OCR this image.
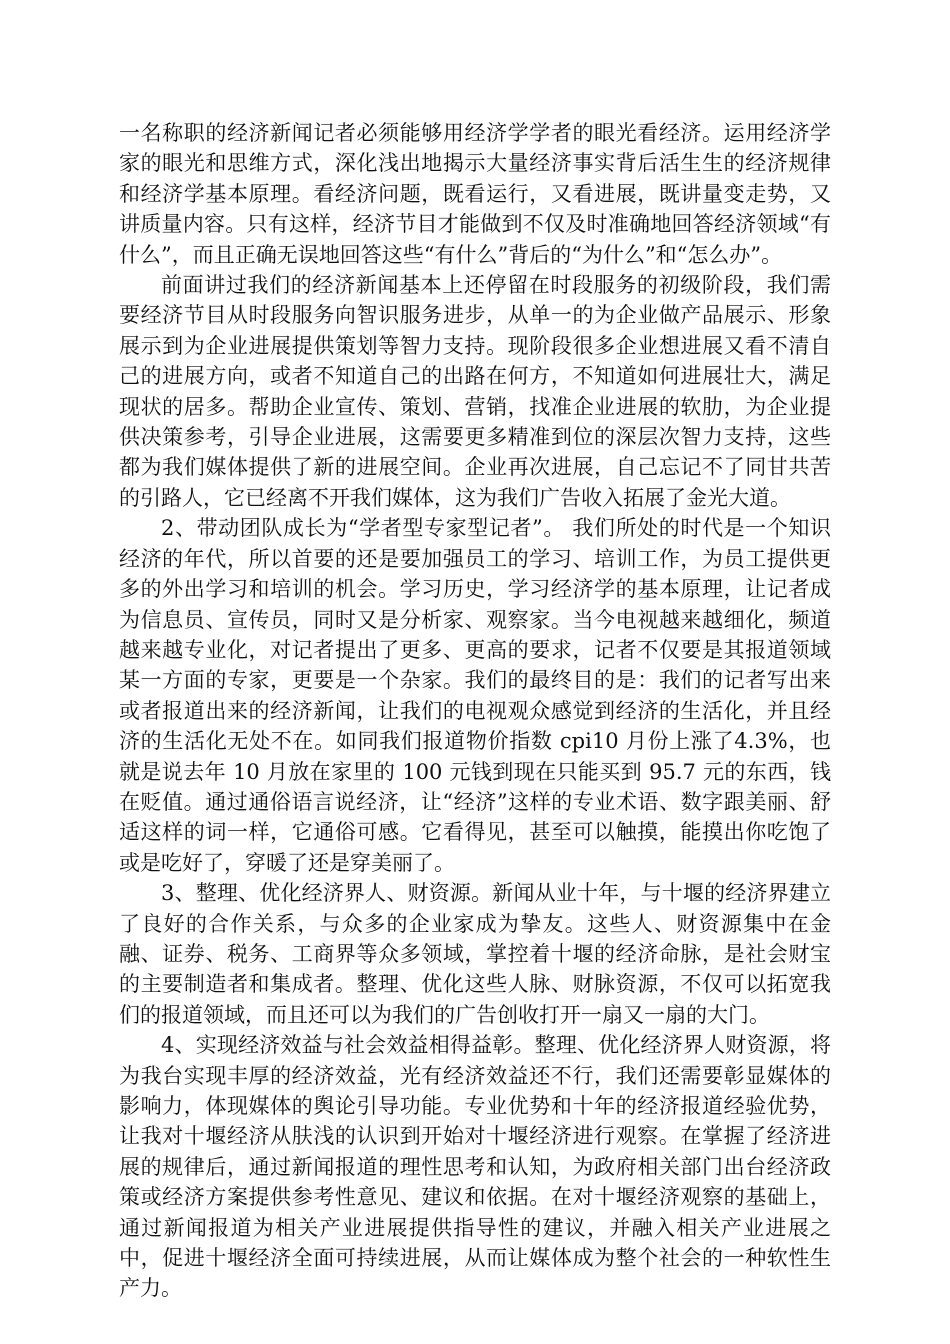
一名称职的经济新闻记者必须能够用经济学学者的眼光看经济。运用经济学家的眼光和思维方式，深化浅出地揭示大量经济事实背后活生生的经济规律和经济学基本原理。看经济问题，既看运行，又看进展，既讲量变走势，又讲质量内容。只有这样，经济节目才能做到不仅及时准确地回答经济领域“有什么”，而且正确无误地回答这些“有什么”背后的“为什么”和“怎么办”。

前面讲过我们的经济新闻基本上还停留在时段服务的初级阶段，我们需要经济节目从时段服务向智识服务进步，从单一的为企业做产品展示、形象展示到为企业进展提供策划等智力支持。现阶段很多企业想进展又看不清自己的进展方向，或者不知道自己的出路在何方，不知道如何进展壮大，满足现状的居多。帮助企业宣传、策划、营销，找准企业进展的软肋，为企业提供决策参考，引导企业进展，这需要更多精准到位的深层次智力支持，这些都为我们媒体提供了新的进展空间。企业再次进展，自己忘记不了同甘共苦的引路人，它已经离不开我们媒体，这为我们广告收入拓展了金光大道。

2、带动团队成长为“学者型专家型记者”。 我们所处的时代是一个知识经济的年代，所以首要的还是要加强员工的学习、培训工作，为员工提供更多的外出学习和培训的机会。学习历史，学习经济学的基本原理，让记者成为信息员、宣传员，同时又是分析家、观察家。当今电视越来越细化，频道越来越专业化，对记者提出了更多、更高的要求，记者不仅要是其报道领域某一方面的专家，更要是一个杂家。我们的最终目的是：我们的记者写出来或者报道出来的经济新闻，让我们的电视观众感觉到经济的生活化，并且经济的生活化无处不在。如同我们报道物价指数 cpi10 月份上涨了4.3%，也就是说去年 10 月放在家里的 100 元钱到现在只能买到 95.7 元的东西，钱在贬值。通过通俗语言说经济，让“经济”这样的专业术语、数字跟美丽、舒适这样的词一样，它通俗可感。它看得见，甚至可以触摸，能摸出你吃饱了或是吃好了，穿暖了还是穿美丽了。

3、整理、优化经济界人、财资源。新闻从业十年，与十堰的经济界建立了良好的合作关系，与众多的企业家成为挚友。这些人、财资源集中在金融、证券、税务、工商界等众多领域，掌控着十堰的经济命脉，是社会财宝的主要制造者和集成者。整理、优化这些人脉、财脉资源，不仅可以拓宽我们的报道领域，而且还可以为我们的广告创收打开一扇又一扇的大门。

4、实现经济效益与社会效益相得益彰。整理、优化经济界人财资源，将为我台实现丰厚的经济效益，光有经济效益还不行，我们还需要彰显媒体的影响力，体现媒体的舆论引导功能。专业优势和十年的经济报道经验优势，让我对十堰经济从肤浅的认识到开始对十堰经济进行观察。在掌握了经济进展的规律后，通过新闻报道的理性思考和认知，为政府相关部门出台经济政策或经济方案提供参考性意见、建议和依据。在对十堰经济观察的基础上，通过新闻报道为相关产业进展提供指导性的建议，并融入相关产业进展之中，促进十堰经济全面可持续进展，从而让媒体成为整个社会的一种软性生产力。
